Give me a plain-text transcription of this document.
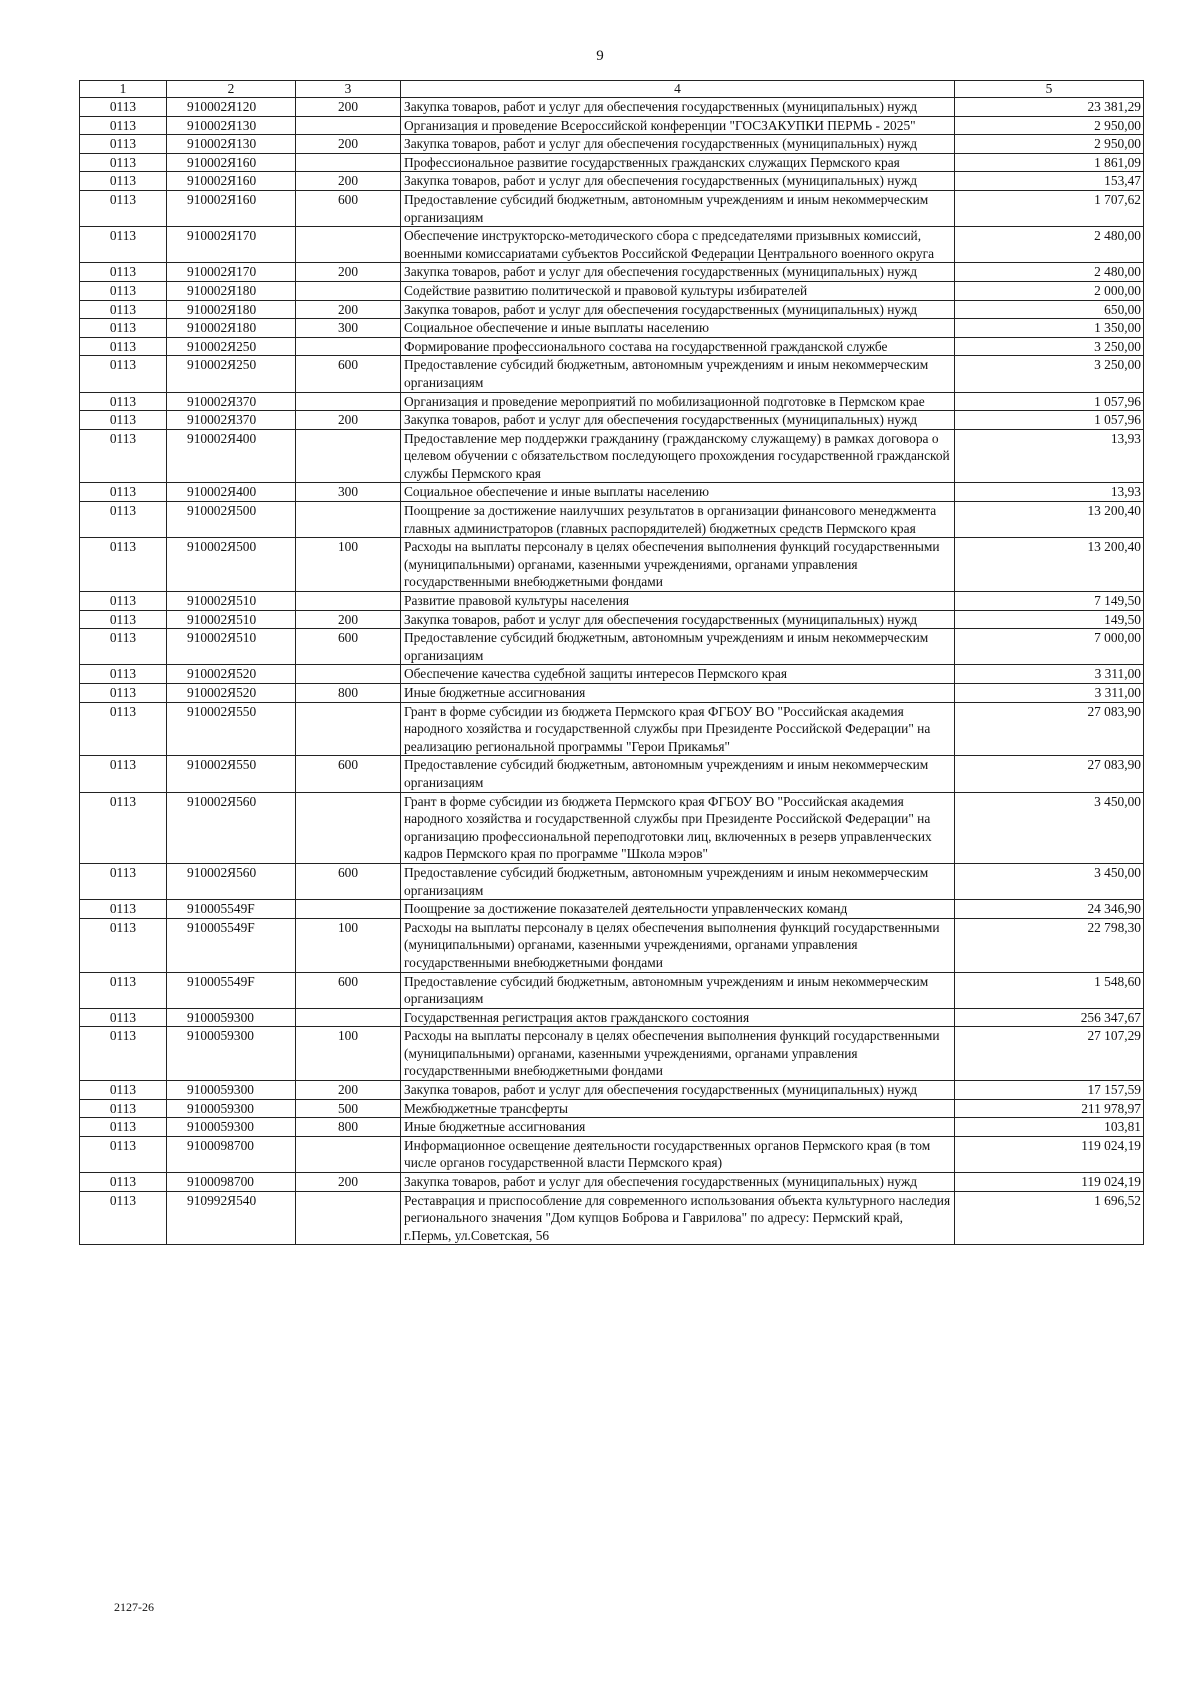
9
1	2	3	4	5
0113	910002Я120	200	Закупка товаров, работ и услуг для обеспечения государственных (муниципальных) нужд	23 381,29
0113	910002Я130		Организация и проведение Всероссийской конференции "ГОСЗАКУПКИ ПЕРМЬ - 2025"	2 950,00
0113	910002Я130	200	Закупка товаров, работ и услуг для обеспечения государственных (муниципальных) нужд	2 950,00
0113	910002Я160		Профессиональное развитие государственных гражданских служащих Пермского края	1 861,09
0113	910002Я160	200	Закупка товаров, работ и услуг для обеспечения государственных (муниципальных) нужд	153,47
0113	910002Я160	600	Предоставление субсидий бюджетным, автономным учреждениям и иным некоммерческим организациям	1 707,62
0113	910002Я170		Обеспечение инструкторско-методического сбора с председателями призывных комиссий, военными комиссариатами субъектов Российской Федерации Центрального военного округа	2 480,00
0113	910002Я170	200	Закупка товаров, работ и услуг для обеспечения государственных (муниципальных) нужд	2 480,00
0113	910002Я180		Содействие развитию политической и правовой культуры избирателей	2 000,00
0113	910002Я180	200	Закупка товаров, работ и услуг для обеспечения государственных (муниципальных) нужд	650,00
0113	910002Я180	300	Социальное обеспечение и иные выплаты населению	1 350,00
0113	910002Я250		Формирование профессионального состава на государственной гражданской службе	3 250,00
0113	910002Я250	600	Предоставление субсидий бюджетным, автономным учреждениям и иным некоммерческим организациям	3 250,00
0113	910002Я370		Организация и проведение мероприятий по мобилизационной подготовке в Пермском крае	1 057,96
0113	910002Я370	200	Закупка товаров, работ и услуг для обеспечения государственных (муниципальных) нужд	1 057,96
0113	910002Я400		Предоставление мер поддержки гражданину (гражданскому служащему) в рамках договора о целевом обучении с обязательством последующего прохождения государственной гражданской службы Пермского края	13,93
0113	910002Я400	300	Социальное обеспечение и иные выплаты населению	13,93
0113	910002Я500		Поощрение за достижение наилучших результатов в организации финансового менеджмента главных администраторов (главных распорядителей) бюджетных средств Пермского края	13 200,40
0113	910002Я500	100	Расходы на выплаты персоналу в целях обеспечения выполнения функций государственными (муниципальными) органами, казенными учреждениями, органами управления государственными внебюджетными фондами	13 200,40
0113	910002Я510		Развитие правовой культуры населения	7 149,50
0113	910002Я510	200	Закупка товаров, работ и услуг для обеспечения государственных (муниципальных) нужд	149,50
0113	910002Я510	600	Предоставление субсидий бюджетным, автономным учреждениям и иным некоммерческим организациям	7 000,00
0113	910002Я520		Обеспечение качества судебной защиты интересов Пермского края	3 311,00
0113	910002Я520	800	Иные бюджетные ассигнования	3 311,00
0113	910002Я550		Грант в форме субсидии из бюджета Пермского края ФГБОУ ВО "Российская академия народного хозяйства и государственной службы при Президенте Российской Федерации" на реализацию региональной программы "Герои Прикамья"	27 083,90
0113	910002Я550	600	Предоставление субсидий бюджетным, автономным учреждениям и иным некоммерческим организациям	27 083,90
0113	910002Я560		Грант в форме субсидии из бюджета Пермского края ФГБОУ ВО "Российская академия народного хозяйства и государственной службы при Президенте Российской Федерации" на организацию профессиональной переподготовки лиц, включенных в резерв управленческих кадров Пермского края по программе "Школа мэров"	3 450,00
0113	910002Я560	600	Предоставление субсидий бюджетным, автономным учреждениям и иным некоммерческим организациям	3 450,00
0113	910005549F		Поощрение за достижение показателей деятельности управленческих команд	24 346,90
0113	910005549F	100	Расходы на выплаты персоналу в целях обеспечения выполнения функций государственными (муниципальными) органами, казенными учреждениями, органами управления государственными внебюджетными фондами	22 798,30
0113	910005549F	600	Предоставление субсидий бюджетным, автономным учреждениям и иным некоммерческим организациям	1 548,60
0113	9100059300		Государственная регистрация актов гражданского состояния	256 347,67
0113	9100059300	100	Расходы на выплаты персоналу в целях обеспечения выполнения функций государственными (муниципальными) органами, казенными учреждениями, органами управления государственными внебюджетными фондами	27 107,29
0113	9100059300	200	Закупка товаров, работ и услуг для обеспечения государственных (муниципальных) нужд	17 157,59
0113	9100059300	500	Межбюджетные трансферты	211 978,97
0113	9100059300	800	Иные бюджетные ассигнования	103,81
0113	9100098700		Информационное освещение деятельности государственных органов Пермского края (в том числе органов государственной власти Пермского края)	119 024,19
0113	9100098700	200	Закупка товаров, работ и услуг для обеспечения государственных (муниципальных) нужд	119 024,19
0113	910992Я540		Реставрация и приспособление для современного использования объекта культурного наследия регионального значения "Дом купцов Боброва и Гаврилова" по адресу: Пермский край, г.Пермь, ул.Советская, 56	1 696,52
2127-26
